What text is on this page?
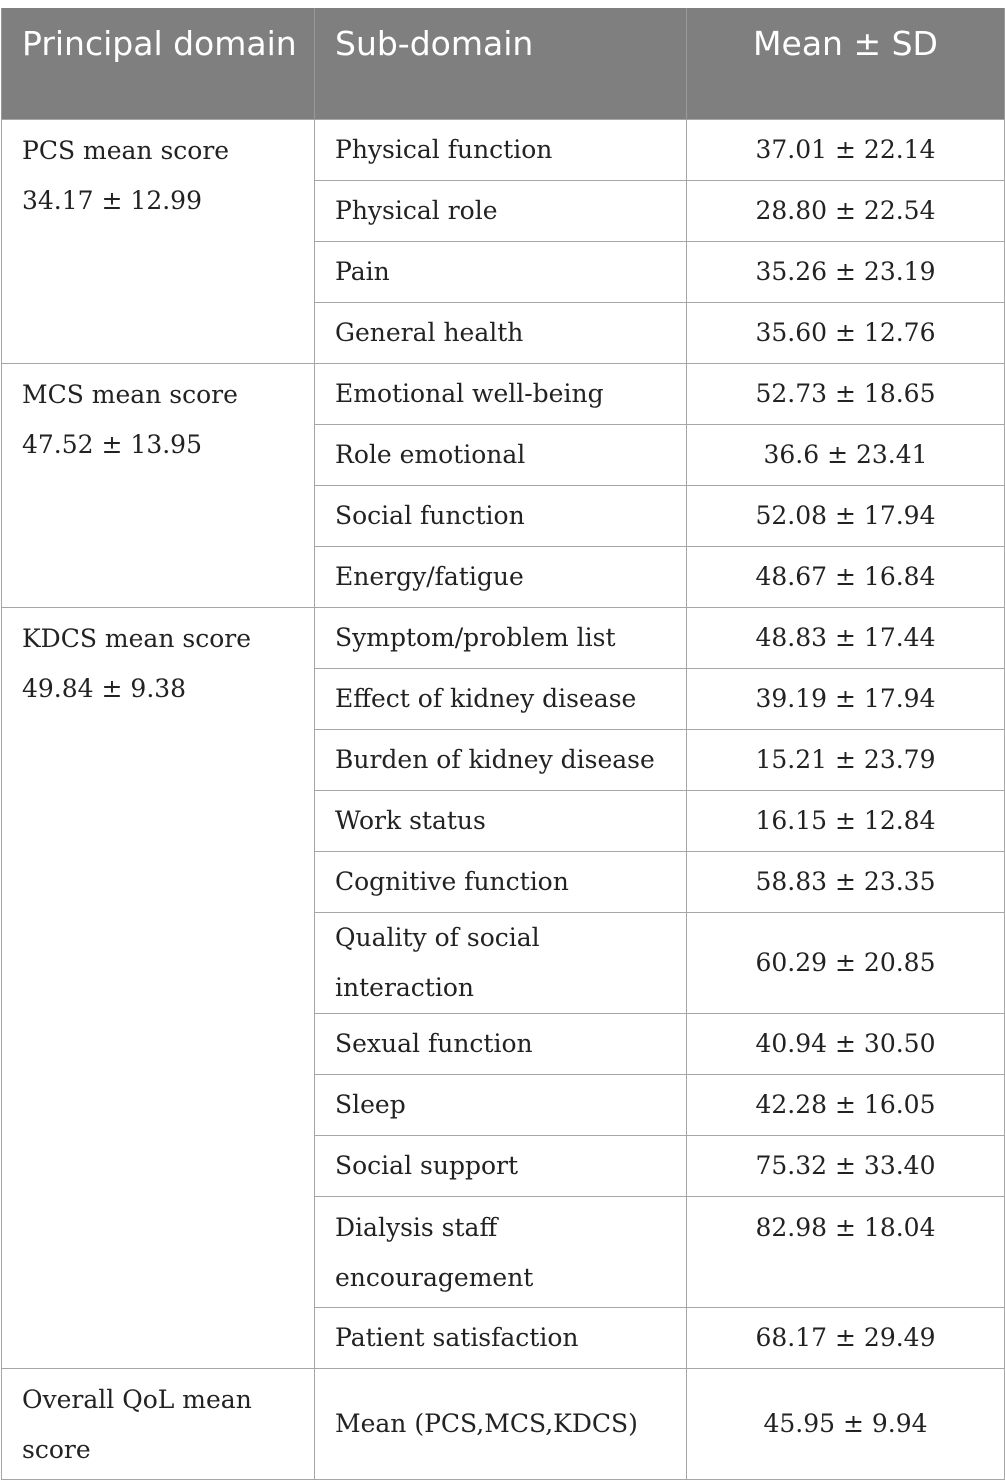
Principal domain	Sub-domain	Mean ± SD

PCS mean score
34.17 ± 12.99	Physical function	37.01 ± 22.14
	Physical role	28.80 ± 22.54
	Pain	35.26 ± 23.19
	General health	35.60 ± 12.76

MCS mean score
47.52 ± 13.95	Emotional well-being	52.73 ± 18.65
	Role emotional	36.6 ± 23.41
	Social function	52.08 ± 17.94
	Energy/fatigue	48.67 ± 16.84

KDCS mean score
49.84 ± 9.38	Symptom/problem list	48.83 ± 17.44
	Effect of kidney disease	39.19 ± 17.94
	Burden of kidney disease	15.21 ± 23.79
	Work status	16.15 ± 12.84
	Cognitive function	58.83 ± 23.35
	Quality of social interaction	60.29 ± 20.85
	Sexual function	40.94 ± 30.50
	Sleep	42.28 ± 16.05
	Social support	75.32 ± 33.40
	Dialysis staff encouragement	82.98 ± 18.04
	Patient satisfaction	68.17 ± 29.49
Overall QoL mean score	Mean (PCS,MCS,KDCS)	45.95 ± 9.94
